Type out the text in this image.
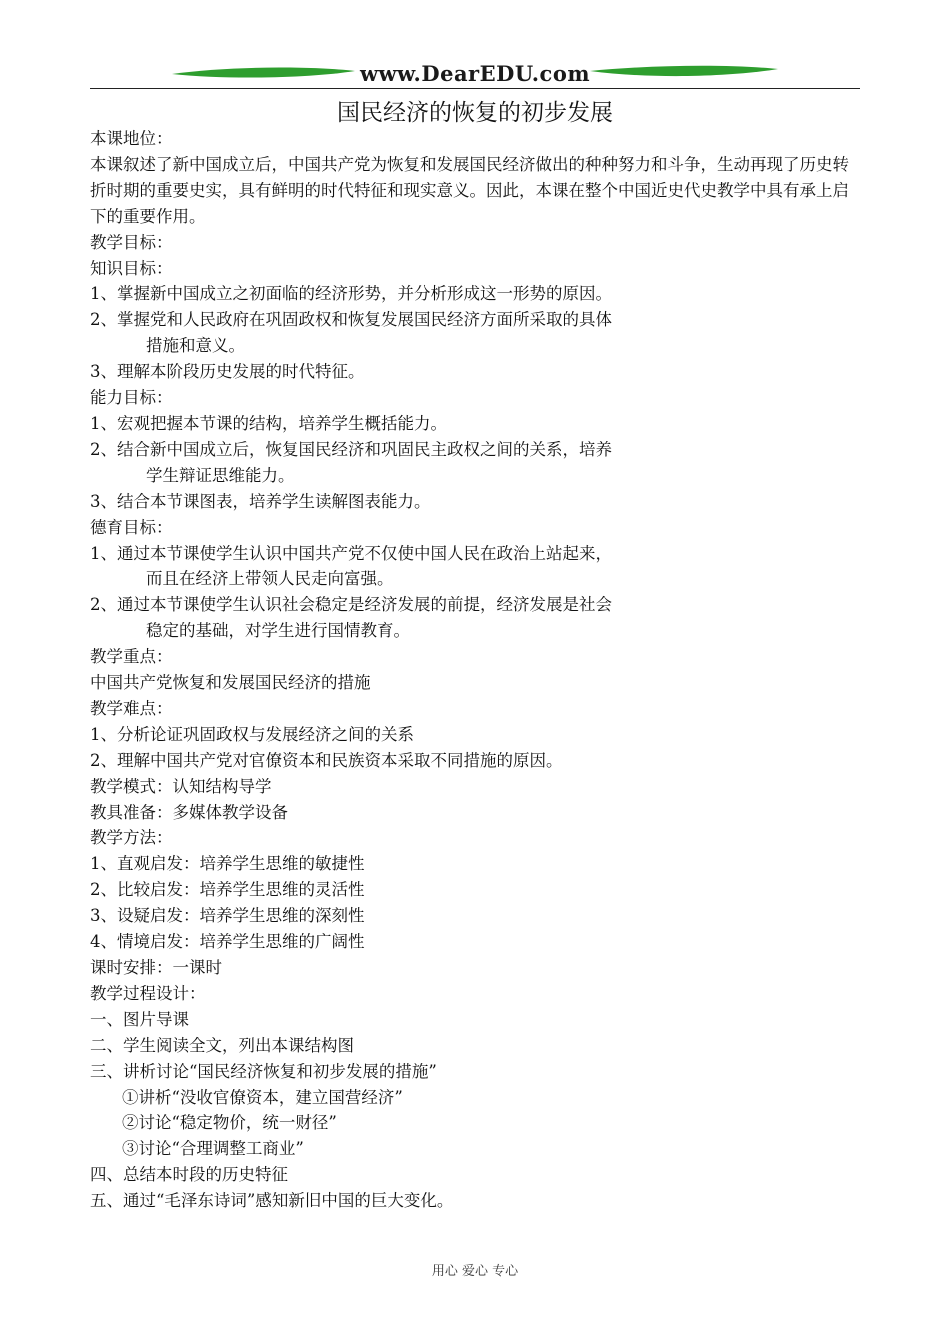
www.DearEDU.com
国民经济的恢复的初步发展

本课地位：

本课叙述了新中国成立后，中国共产党为恢复和发展国民经济做出的种种努力和斗争，生动再现了历史转折时期的重要史实，具有鲜明的时代特征和现实意义。因此，本课在整个中国近史代史教学中具有承上启下的重要作用。

教学目标：

知识目标：

1、掌握新中国成立之初面临的经济形势，并分析形成这一形势的原因。

2、掌握党和人民政府在巩固政权和恢复发展国民经济方面所采取的具体

措施和意义。

3、理解本阶段历史发展的时代特征。

能力目标：

1、宏观把握本节课的结构，培养学生概括能力。

2、结合新中国成立后，恢复国民经济和巩固民主政权之间的关系，培养

学生辩证思维能力。

3、结合本节课图表，培养学生读解图表能力。

德育目标：

1、通过本节课使学生认识中国共产党不仅使中国人民在政治上站起来，

而且在经济上带领人民走向富强。

2、通过本节课使学生认识社会稳定是经济发展的前提，经济发展是社会

稳定的基础，对学生进行国情教育。

教学重点：

中国共产党恢复和发展国民经济的措施

教学难点：

1、分析论证巩固政权与发展经济之间的关系

2、理解中国共产党对官僚资本和民族资本采取不同措施的原因。

教学模式：认知结构导学

教具准备：多媒体教学设备

教学方法：

1、直观启发：培养学生思维的敏捷性

2、比较启发：培养学生思维的灵活性

3、设疑启发：培养学生思维的深刻性

4、情境启发：培养学生思维的广阔性

课时安排：一课时

教学过程设计：

一、图片导课

二、学生阅读全文，列出本课结构图

三、讲析讨论“国民经济恢复和初步发展的措施”

①讲析“没收官僚资本，建立国营经济”

②讨论“稳定物价，统一财径”

③讨论“合理调整工商业”

四、总结本时段的历史特征

五、通过“毛泽东诗词”感知新旧中国的巨大变化。

用心 爱心 专心
